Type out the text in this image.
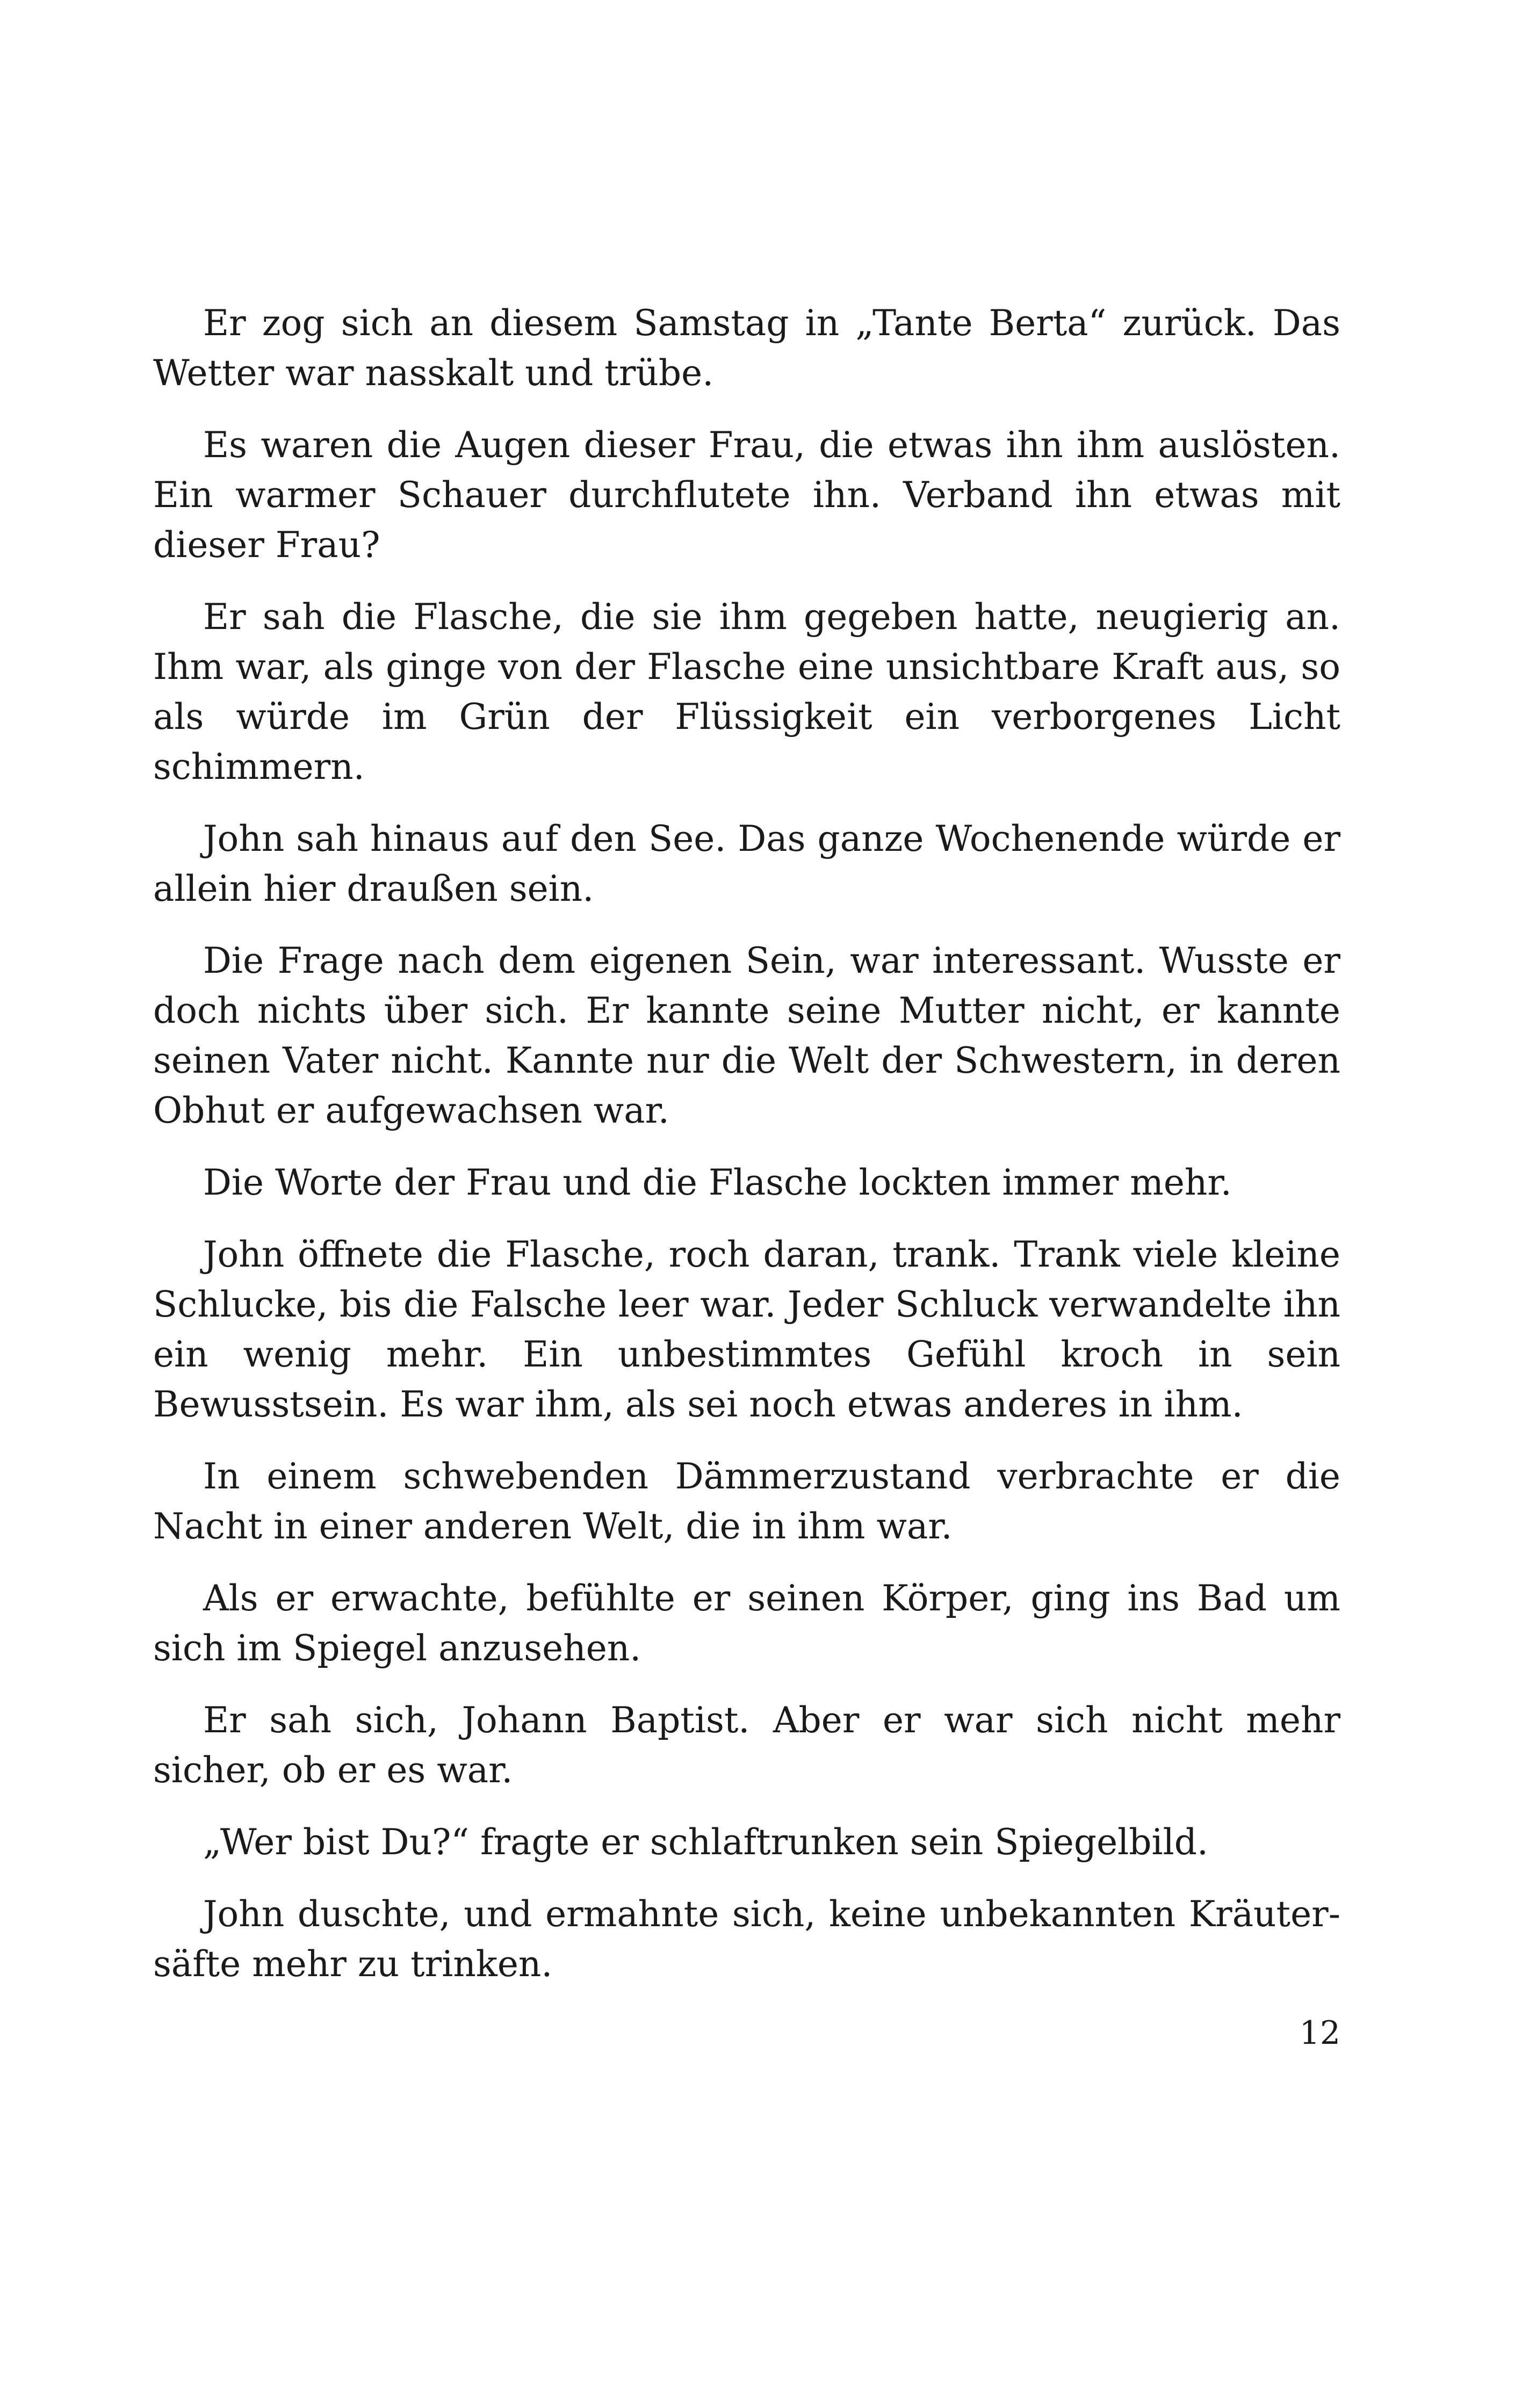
Er zog sich an diesem Samstag in „Tante Berta“ zurück. Das Wetter war nasskalt und trübe.

Es waren die Augen dieser Frau, die etwas ihn ihm auslösten. Ein warmer Schauer durchflutete ihn. Verband ihn etwas mit dieser Frau?

Er sah die Flasche, die sie ihm gegeben hatte, neugierig an. Ihm war, als ginge von der Flasche eine unsichtbare Kraft aus, so als würde im Grün der Flüssigkeit ein verborgenes Licht schimmern.

John sah hinaus auf den See. Das ganze Wochenende würde er allein hier draußen sein.

Die Frage nach dem eigenen Sein, war interessant. Wusste er doch nichts über sich. Er kannte seine Mutter nicht, er kannte seinen Vater nicht. Kannte nur die Welt der Schwestern, in deren Obhut er aufgewachsen war.

Die Worte der Frau und die Flasche lockten immer mehr.

John öffnete die Flasche, roch daran, trank. Trank viele kleine Schlucke, bis die Falsche leer war. Jeder Schluck verwandelte ihn ein wenig mehr. Ein unbestimmtes Gefühl kroch in sein Bewusstsein. Es war ihm, als sei noch etwas anderes in ihm.

In einem schwebenden Dämmerzustand verbrachte er die Nacht in einer anderen Welt, die in ihm war.

Als er erwachte, befühlte er seinen Körper, ging ins Bad um sich im Spiegel anzusehen.

Er sah sich, Johann Baptist. Aber er war sich nicht mehr sicher, ob er es war.

„Wer bist Du?“ fragte er schlaftrunken sein Spiegelbild.

John duschte, und ermahnte sich, keine unbekannten Kräutersäfte mehr zu trinken.

12
